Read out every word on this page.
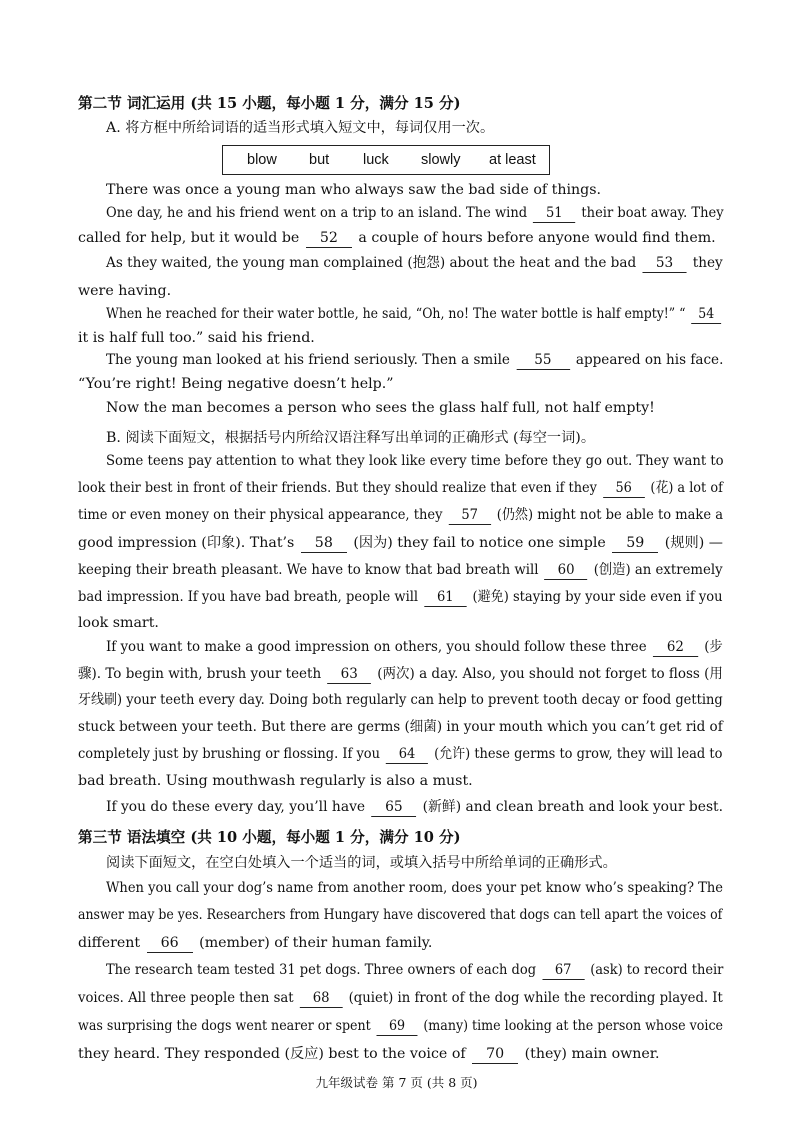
第二节 词汇运用 (共 15 小题，每小题 1 分，满分 15 分)
A. 将方框中所给词语的适当形式填入短文中，每词仅用一次。
blow but luck slowly at least
There was once a young man who always saw the bad side of things.
One day, he and his friend went on a trip to an island. The wind 51 their boat away. They
called for help, but it would be 52 a couple of hours before anyone would find them.
As they waited, the young man complained (抱怨) about the heat and the bad 53 they
were having.
When he reached for their water bottle, he said, “Oh, no! The water bottle is half empty!” “ 54
it is half full too.” said his friend.
The young man looked at his friend seriously. Then a smile 55 appeared on his face.
“You’re right! Being negative doesn’t help.”
Now the man becomes a person who sees the glass half full, not half empty!
B. 阅读下面短文，根据括号内所给汉语注释写出单词的正确形式 (每空一词)。
Some teens pay attention to what they look like every time before they go out. They want to
look their best in front of their friends. But they should realize that even if they 56 (花) a lot of
time or even money on their physical appearance, they 57 (仍然) might not be able to make a
good impression (印象). That’s 58 (因为) they fail to notice one simple 59 (规则) —
keeping their breath pleasant. We have to know that bad breath will 60 (创造) an extremely
bad impression. If you have bad breath, people will 61 (避免) staying by your side even if you
look smart.
If you want to make a good impression on others, you should follow these three 62 (步
骤). To begin with, brush your teeth 63 (两次) a day. Also, you should not forget to floss (用
牙线刷) your teeth every day. Doing both regularly can help to prevent tooth decay or food getting
stuck between your teeth. But there are germs (细菌) in your mouth which you can’t get rid of
completely just by brushing or flossing. If you 64 (允许) these germs to grow, they will lead to
bad breath. Using mouthwash regularly is also a must.
If you do these every day, you’ll have 65 (新鲜) and clean breath and look your best.
第三节 语法填空 (共 10 小题，每小题 1 分，满分 10 分)
阅读下面短文，在空白处填入一个适当的词，或填入括号中所给单词的正确形式。
When you call your dog’s name from another room, does your pet know who’s speaking? The
answer may be yes. Researchers from Hungary have discovered that dogs can tell apart the voices of
different 66 (member) of their human family.
The research team tested 31 pet dogs. Three owners of each dog 67 (ask) to record their
voices. All three people then sat 68 (quiet) in front of the dog while the recording played. It
was surprising the dogs went nearer or spent 69 (many) time looking at the person whose voice
they heard. They responded (反应) best to the voice of 70 (they) main owner.
九年级试卷 第 7 页 (共 8 页)
